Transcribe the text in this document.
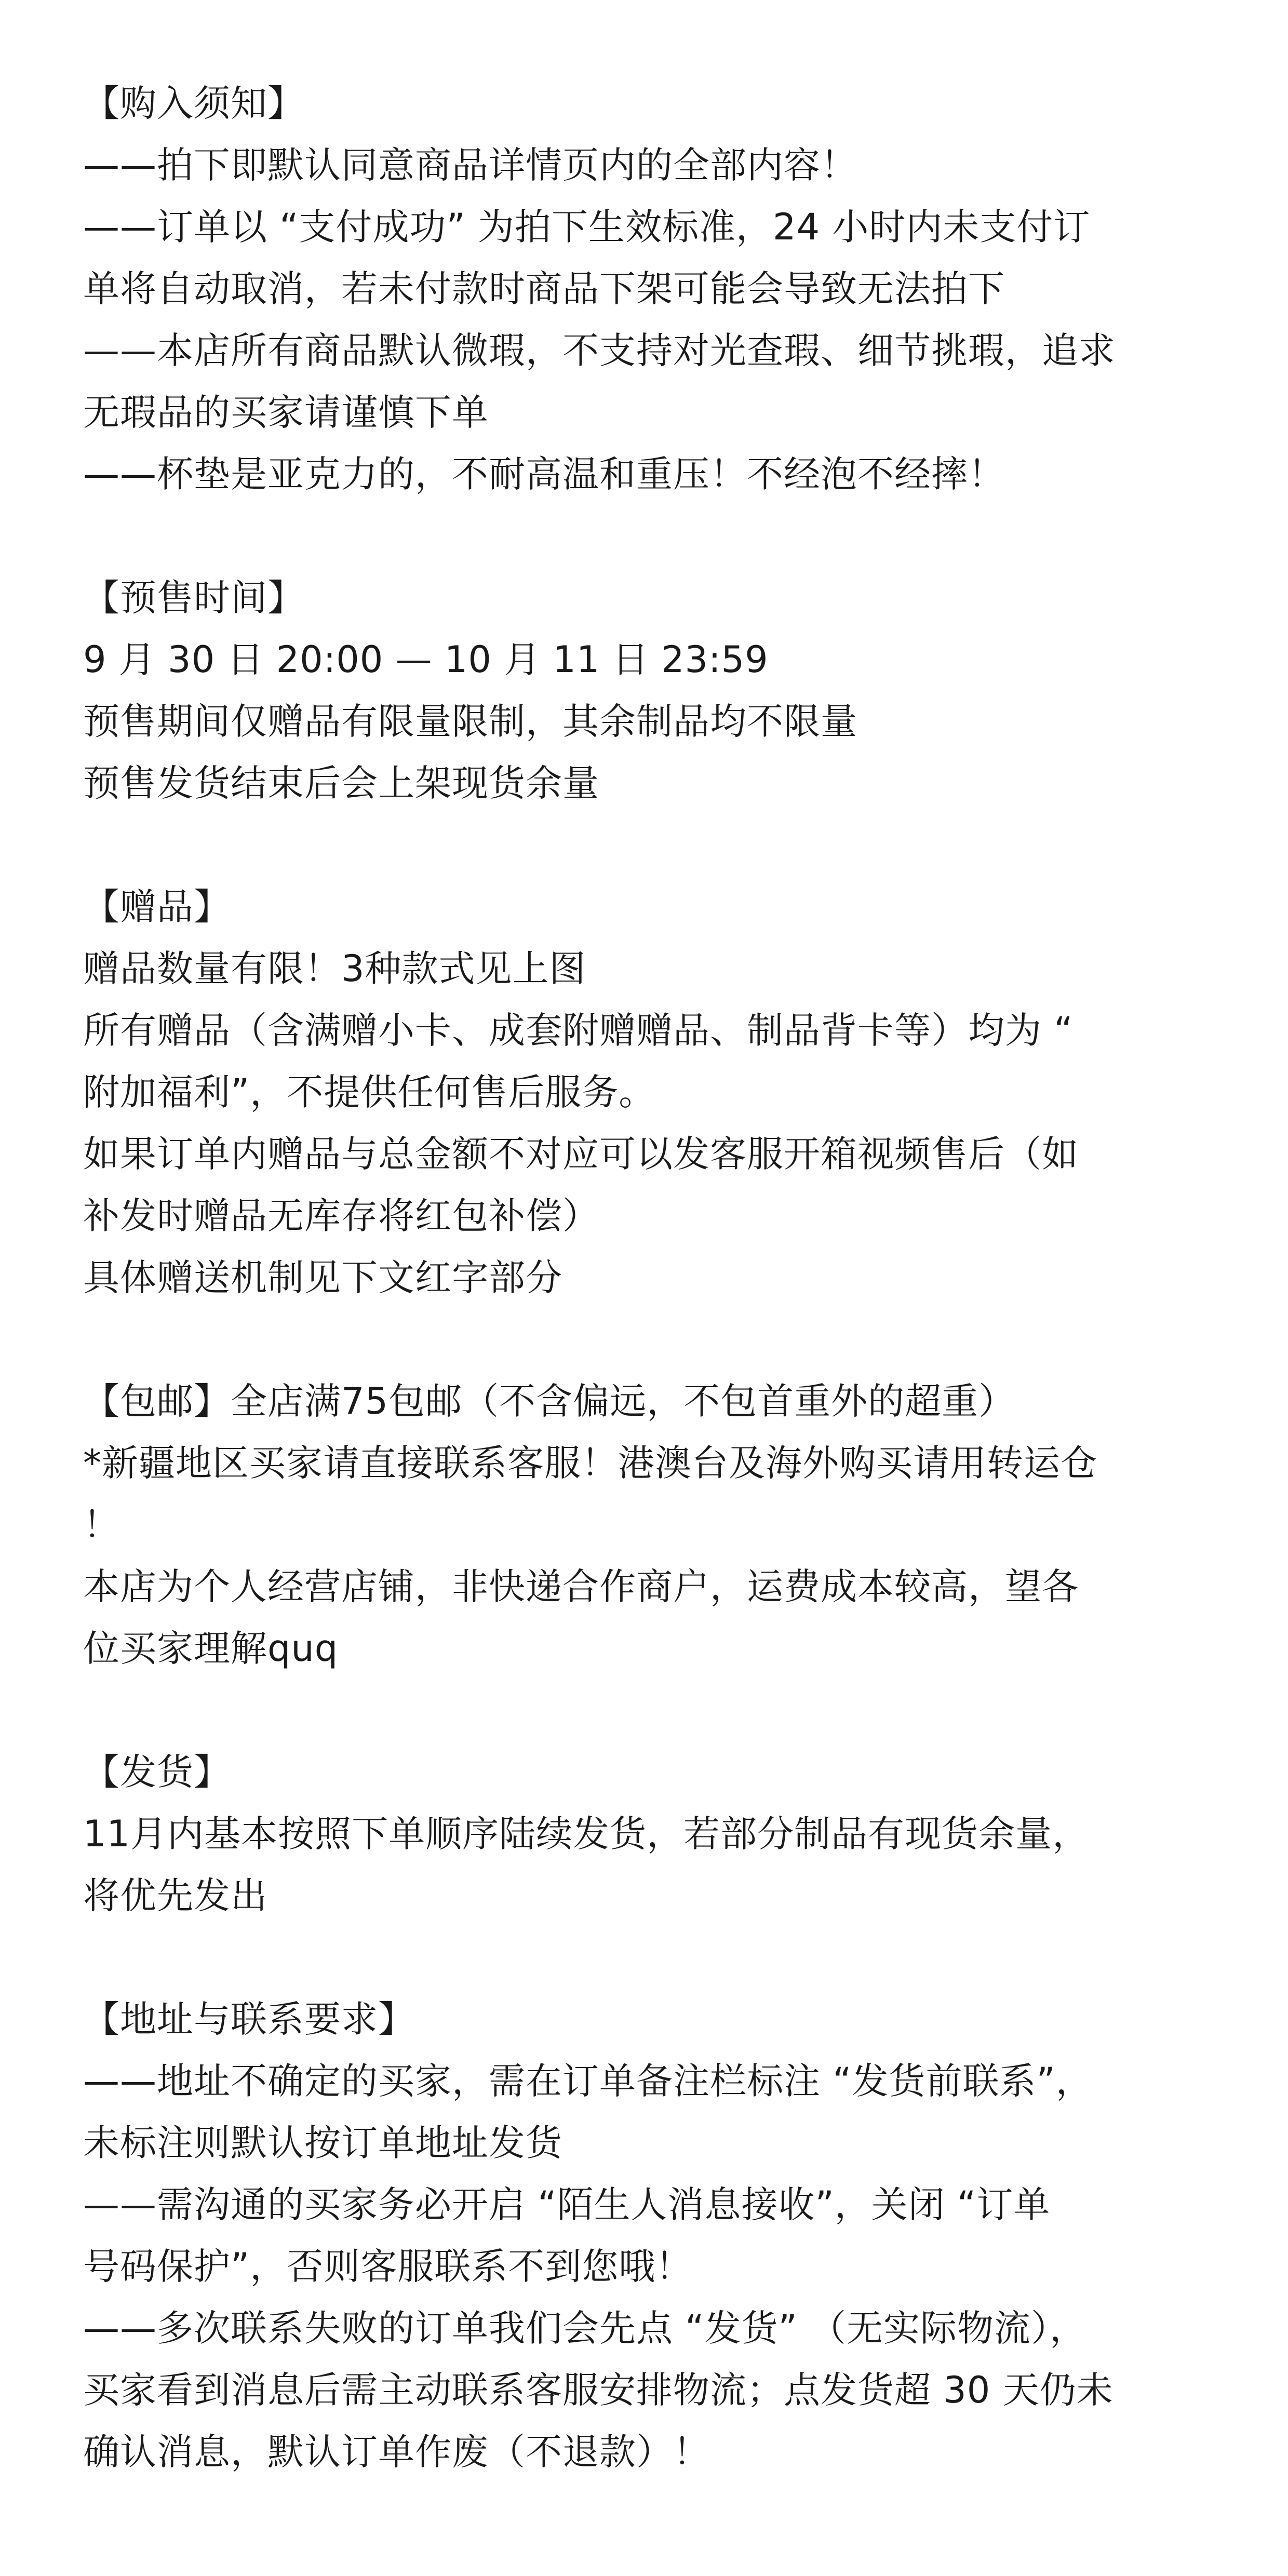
【购入须知】
——拍下即默认同意商品详情页内的全部内容！
——订单以 “支付成功” 为拍下生效标准，24 小时内未支付订
单将自动取消，若未付款时商品下架可能会导致无法拍下
——本店所有商品默认微瑕，不支持对光查瑕、细节挑瑕，追求
无瑕品的买家请谨慎下单
——杯垫是亚克力的，不耐高温和重压！不经泡不经摔！
【预售时间】
9 月 30 日 20:00 — 10 月 11 日 23:59
预售期间仅赠品有限量限制，其余制品均不限量
预售发货结束后会上架现货余量
【赠品】
赠品数量有限！3种款式见上图
所有赠品（含满赠小卡、成套附赠赠品、制品背卡等）均为 “
附加福利”，不提供任何售后服务。
如果订单内赠品与总金额不对应可以发客服开箱视频售后（如
补发时赠品无库存将红包补偿）
具体赠送机制见下文红字部分
【包邮】全店满75包邮（不含偏远，不包首重外的超重）
*新疆地区买家请直接联系客服！港澳台及海外购买请用转运仓
！
本店为个人经营店铺，非快递合作商户，运费成本较高，望各
位买家理解quq
【发货】
11月内基本按照下单顺序陆续发货，若部分制品有现货余量，
将优先发出
【地址与联系要求】
——地址不确定的买家，需在订单备注栏标注 “发货前联系”，
未标注则默认按订单地址发货
——需沟通的买家务必开启 “陌生人消息接收”，关闭 “订单
号码保护”，否则客服联系不到您哦！
——多次联系失败的订单我们会先点 “发货” （无实际物流），
买家看到消息后需主动联系客服安排物流；点发货超 30 天仍未
确认消息，默认订单作废（不退款）！
